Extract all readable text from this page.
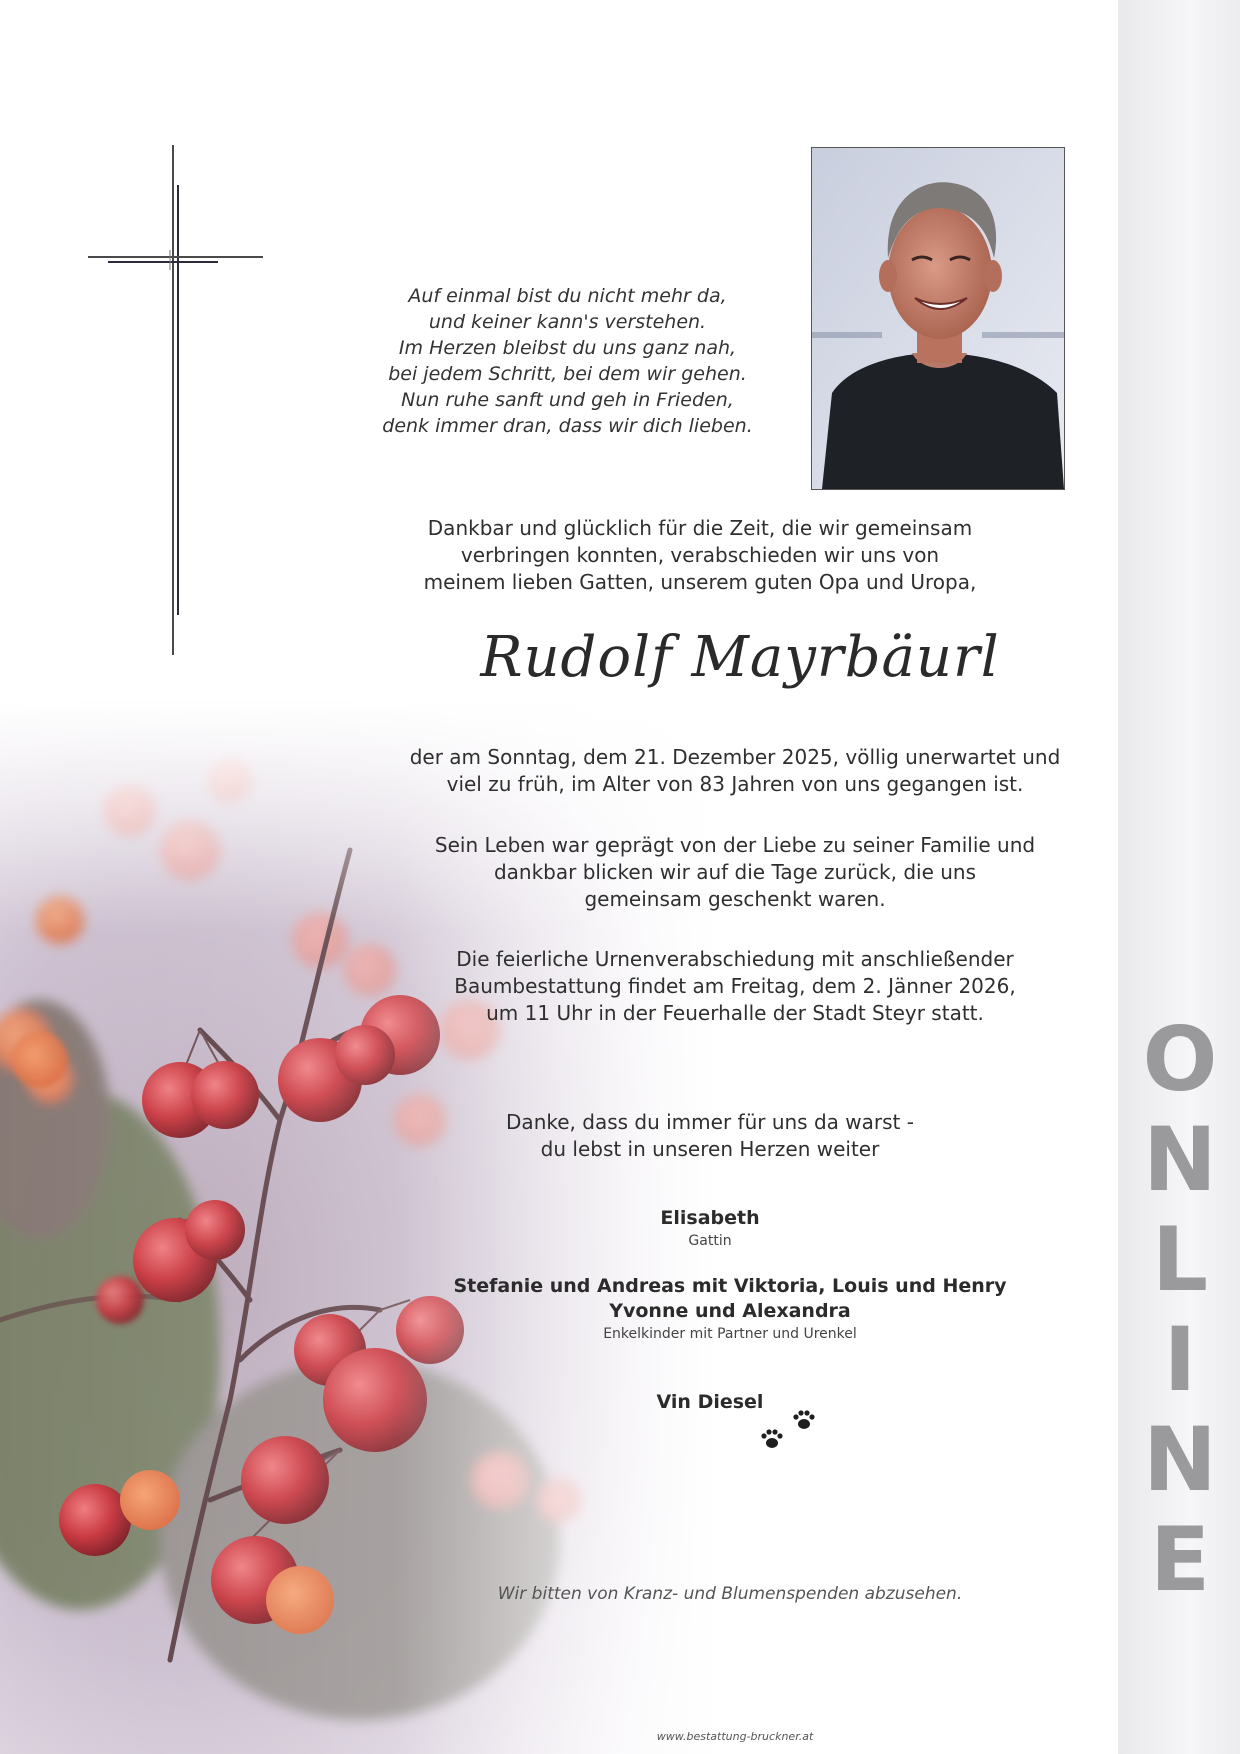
O
N
L
I
N
E
Auf einmal bist du nicht mehr da,
und keiner kann's verstehen.
Im Herzen bleibst du uns ganz nah,
bei jedem Schritt, bei dem wir gehen.
Nun ruhe sanft und geh in Frieden,
denk immer dran, dass wir dich lieben.
Dankbar und glücklich für die Zeit, die wir gemeinsam
verbringen konnten, verabschieden wir uns von
meinem lieben Gatten, unserem guten Opa und Uropa,
Rudolf Mayrbäurl
der am Sonntag, dem 21. Dezember 2025, völlig unerwartet und
viel zu früh, im Alter von 83 Jahren von uns gegangen ist.
Sein Leben war geprägt von der Liebe zu seiner Familie und
dankbar blicken wir auf die Tage zurück, die uns
gemeinsam geschenkt waren.
Die feierliche Urnenverabschiedung mit anschließender
Baumbestattung findet am Freitag, dem 2. Jänner 2026,
um 11 Uhr in der Feuerhalle der Stadt Steyr statt.
Danke, dass du immer für uns da warst -
du lebst in unseren Herzen weiter
Elisabeth
Gattin
Stefanie und Andreas mit Viktoria, Louis und Henry
Yvonne und Alexandra
Enkelkinder mit Partner und Urenkel
Vin Diesel
Wir bitten von Kranz- und Blumenspenden abzusehen.
www.bestattung-bruckner.at
